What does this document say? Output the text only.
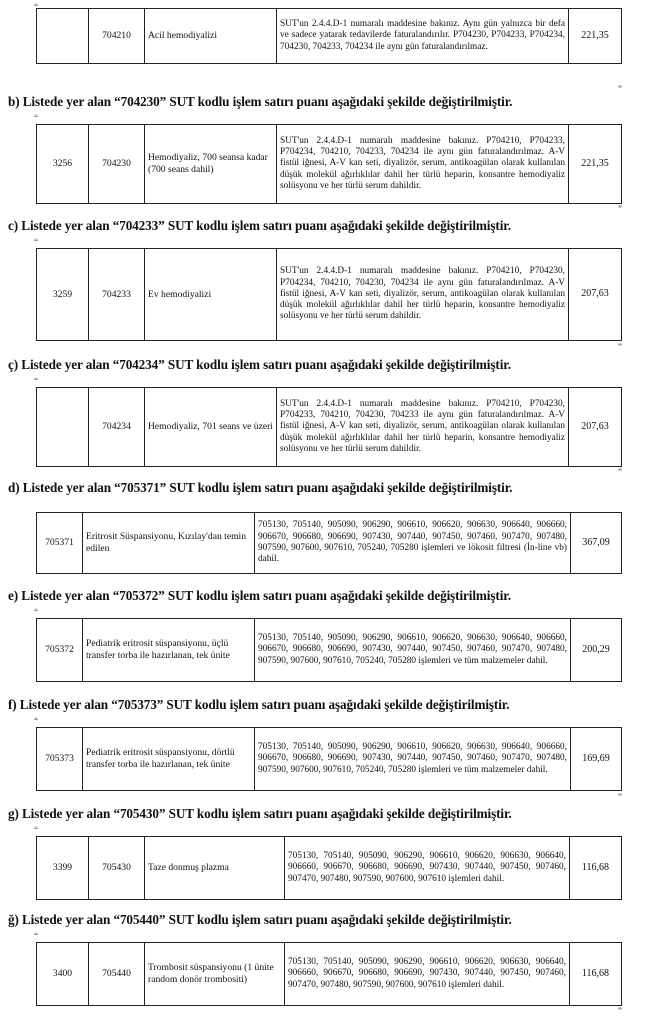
“
”
	704210	Acil hemodiyalizi	SUT'un 2.4.4.D-1 numaralı maddesine bakınız. Aynı gün yalnızca bir defa ve sadece yatarak tedavilerde faturalandırılır. P704230, P704233, P704234, 704230, 704233, 704234 ile aynı gün faturalandırılmaz.	221,35
b) Listede yer alan “704230” SUT kodlu işlem satırı puanı aşağıdaki şekilde değiştirilmiştir.
“
3256	704230	Hemodiyaliz, 700 seansa kadar (700 seans dahil)	SUT'un 2.4.4.D-1 numaralı maddesine bakınız. P704210, P704233, P704234, 704210, 704233, 704234 ile aynı gün faturalandırılmaz. A-V fistül iğnesi, A-V kan seti, diyalizör, serum, antikoagülan olarak kullanılan düşük molekül ağırlıklılar dahil her türlü heparin, konsantre hemodiyaliz solüsyonu ve her türlü serum dahildir.	221,35
”
c) Listede yer alan “704233” SUT kodlu işlem satırı puanı aşağıdaki şekilde değiştirilmiştir.
“
3259	704233	Ev hemodiyalizi	SUT'un 2.4.4.D-1 numaralı maddesine bakınız. P704210, P704230, P704234, 704210, 704230, 704234 ile aynı gün faturalandırılmaz. A-V fistül iğnesi, A-V kan seti, diyalizör, serum, antikoagülan olarak kullanılan düşük molekül ağırlıklılar dahil her türlü heparin, konsantre hemodiyaliz solüsyonu ve her türlü serum dahildir.	207,63
”
ç) Listede yer alan “704234” SUT kodlu işlem satırı puanı aşağıdaki şekilde değiştirilmiştir.
“
	704234	Hemodiyaliz, 701 seans ve üzeri	SUT'un 2.4.4.D-1 numaralı maddesine bakınız. P704210, P704230, P704233, 704210, 704230, 704233 ile aynı gün faturalandırılmaz. A-V fistül iğnesi, A-V kan seti, diyalizör, serum, antikoagülan olarak kullanılan düşük molekül ağırlıklılar dahil her türlü heparin, konsantre hemodiyaliz solüsyonu ve her türlü serum dahildir.	207,63
”
d) Listede yer alan “705371” SUT kodlu işlem satırı puanı aşağıdaki şekilde değiştirilmiştir.
705371	Eritrosit Süspansiyonu, Kızılay'dan temin edilen	705130, 705140, 905090, 906290, 906610, 906620, 906630, 906640, 906660, 906670, 906680, 906690, 907430, 907440, 907450, 907460, 907470, 907480, 907590, 907600, 907610, 705240, 705280 işlemleri ve lökosit filtresi (İn-line vb) dahil.	367,09
e) Listede yer alan “705372” SUT kodlu işlem satırı puanı aşağıdaki şekilde değiştirilmiştir.
“
705372	Pediatrik eritrosit süspansiyonu, üçlü transfer torba ile hazırlanan, tek ünite	705130, 705140, 905090, 906290, 906610, 906620, 906630, 906640, 906660, 906670, 906680, 906690, 907430, 907440, 907450, 907460, 907470, 907480, 907590, 907600, 907610, 705240, 705280 işlemleri ve tüm malzemeler dahil.	200,29
f) Listede yer alan “705373” SUT kodlu işlem satırı puanı aşağıdaki şekilde değiştirilmiştir.
“
705373	Pediatrik eritrosit süspansiyonu, dörtlü transfer torba ile hazırlanan, tek ünite	705130, 705140, 905090, 906290, 906610, 906620, 906630, 906640, 906660, 906670, 906680, 906690, 907430, 907440, 907450, 907460, 907470, 907480, 907590, 907600, 907610, 705240, 705280 işlemleri ve tüm malzemeler dahil.	169,69
”
g) Listede yer alan “705430” SUT kodlu işlem satırı puanı aşağıdaki şekilde değiştirilmiştir.
“
3399	705430	Taze donmuş plazma	705130, 705140, 905090, 906290, 906610, 906620, 906630, 906640, 906660, 906670, 906680, 906690, 907430, 907440, 907450, 907460, 907470, 907480, 907590, 907600, 907610 işlemleri dahil.	116,68
ğ) Listede yer alan “705440” SUT kodlu işlem satırı puanı aşağıdaki şekilde değiştirilmiştir.
“
3400	705440	Trombosit süspansiyonu (1 ünite random donör trombositi)	705130, 705140, 905090, 906290, 906610, 906620, 906630, 906640, 906660, 906670, 906680, 906690, 907430, 907440, 907450, 907460, 907470, 907480, 907590, 907600, 907610 işlemleri dahil.	116,68
”
